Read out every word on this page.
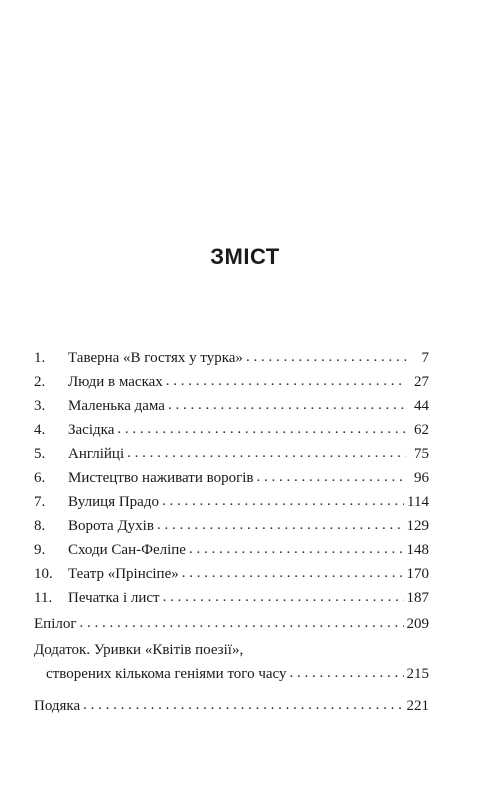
ЗМІСТ
1.	Таверна «В гостях у турка» . . .	7
2.	Люди в масках . . .	27
3.	Маленька дама . . .	44
4.	Засідка . . .	62
5.	Англійці . . .	75
6.	Мистецтво наживати ворогів . . .	96
7.	Вулиця Прадо . . .	114
8.	Ворота Духів . . .	129
9.	Сходи Сан-Феліпе . . .	148
10.	Театр «Прінсіпе» . . .	170
11.	Печатка і лист . . .	187
Епілог . . .	209
Додаток. Уривки «Квітів поезії»,
створених кількома геніями того часу . . .	215
Подяка . . .	221
